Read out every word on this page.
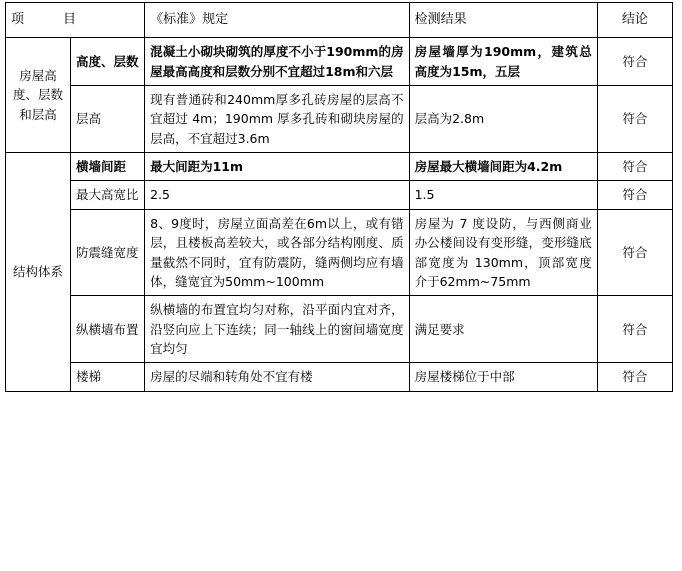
项　　　目		《标准》规定	检测结果	结论
房屋高度、层数和层高	高度、层数	混凝土小砌块砌筑的厚度不小于190mm的房屋最高高度和层数分别不宜超过18m和六层	房屋墙厚为190mm，建筑总高度为15m，五层	符合
	层高	现有普通砖和240mm厚多孔砖房屋的层高不宜超过 4m；190mm 厚多孔砖和砌块房屋的层高，不宜超过3.6m	层高为2.8m	符合
结构体系	横墙间距	最大间距为11m	房屋最大横墙间距为4.2m	符合
	最大高宽比	2.5	1.5	符合
	防震缝宽度	8、9度时，房屋立面高差在6m以上，或有错层，且楼板高差较大，或各部分结构刚度、质量截然不同时，宜有防震防，缝两侧均应有墙体，缝宽宜为50mm~100mm	房屋为 7 度设防，与西侧商业办公楼间设有变形缝，变形缝底部宽度为 130mm，顶部宽度介于62mm~75mm	符合
	纵横墙布置	纵横墙的布置宜均匀对称，沿平面内宜对齐，沿竖向应上下连续；同一轴线上的窗间墙宽度宜均匀	满足要求	符合
	楼梯	房屋的尽端和转角处不宜有楼	房屋楼梯位于中部	符合
